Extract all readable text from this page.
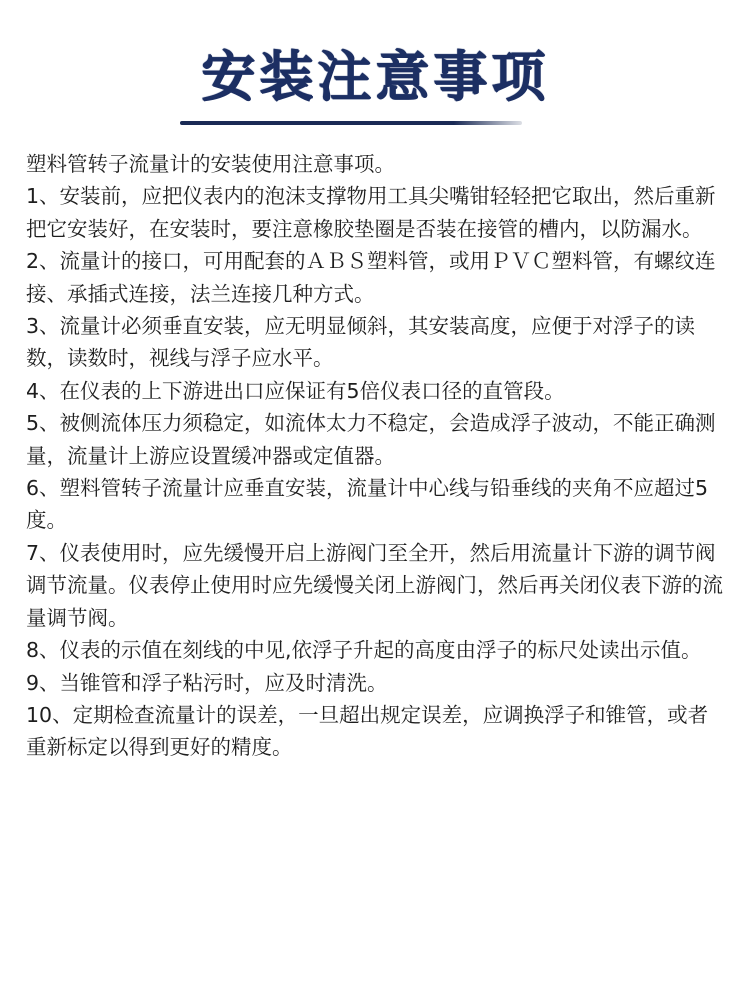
安装注意事项

塑料管转子流量计的安装使用注意事项。

1、安装前，应把仪表内的泡沫支撑物用工具尖嘴钳轻轻把它取出，然后重新把它安装好，在安装时，要注意橡胶垫圈是否装在接管的槽内，以防漏水。

2、流量计的接口，可用配套的ＡＢＳ塑料管，或用ＰＶＣ塑料管，有螺纹连接、承插式连接，法兰连接几种方式。

3、流量计必须垂直安装，应无明显倾斜，其安装高度，应便于对浮子的读数，读数时，视线与浮子应水平。

4、在仪表的上下游进出口应保证有5倍仪表口径的直管段。

5、被侧流体压力须稳定，如流体太力不稳定，会造成浮子波动，不能正确测量，流量计上游应设置缓冲器或定值器。

6、塑料管转子流量计应垂直安装，流量计中心线与铅垂线的夹角不应超过5度。

7、仪表使用时，应先缓慢开启上游阀门至全开，然后用流量计下游的调节阀调节流量。仪表停止使用时应先缓慢关闭上游阀门，然后再关闭仪表下游的流量调节阀。

8、仪表的示值在刻线的中见,依浮子升起的高度由浮子的标尺处读出示值。

9、当锥管和浮子粘污时，应及时清洗。

10、定期检查流量计的误差，一旦超出规定误差，应调换浮子和锥管，或者重新标定以得到更好的精度。
